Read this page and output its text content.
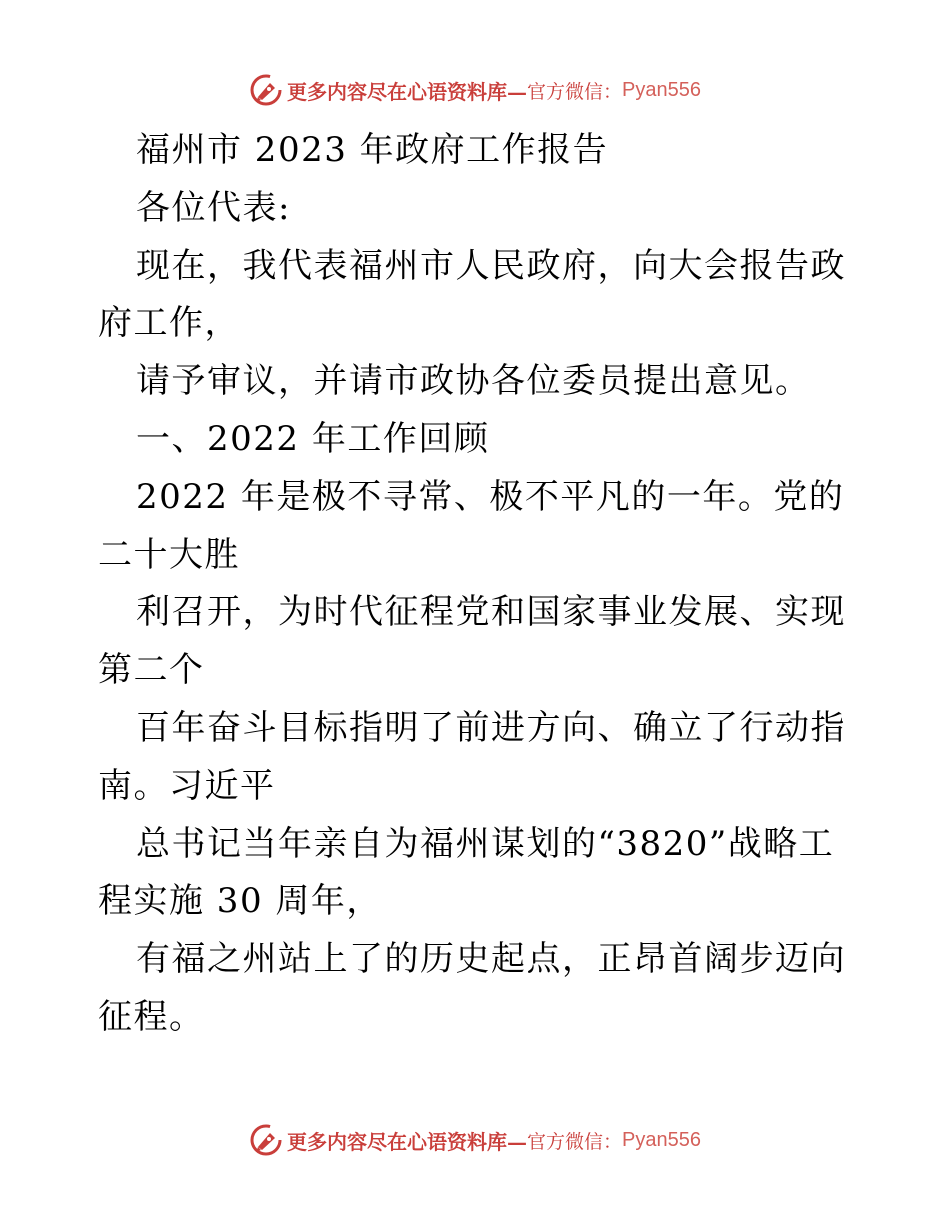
更多内容尽在心语资料库— 官方微信： Pyan556

福州市 2023 年政府工作报告

各位代表:

现在，我代表福州市人民政府，向大会报告政府工作，

请予审议，并请市政协各位委员提出意见。

一、2022 年工作回顾

2022 年是极不寻常、极不平凡的一年。党的二十大胜

利召开，为时代征程党和国家事业发展、实现第二个

百年奋斗目标指明了前进方向、确立了行动指南。习近平

总书记当年亲自为福州谋划的“3820”战略工程实施 30 周年，

有福之州站上了的历史起点，正昂首阔步迈向征程。

更多内容尽在心语资料库— 官方微信： Pyan556
